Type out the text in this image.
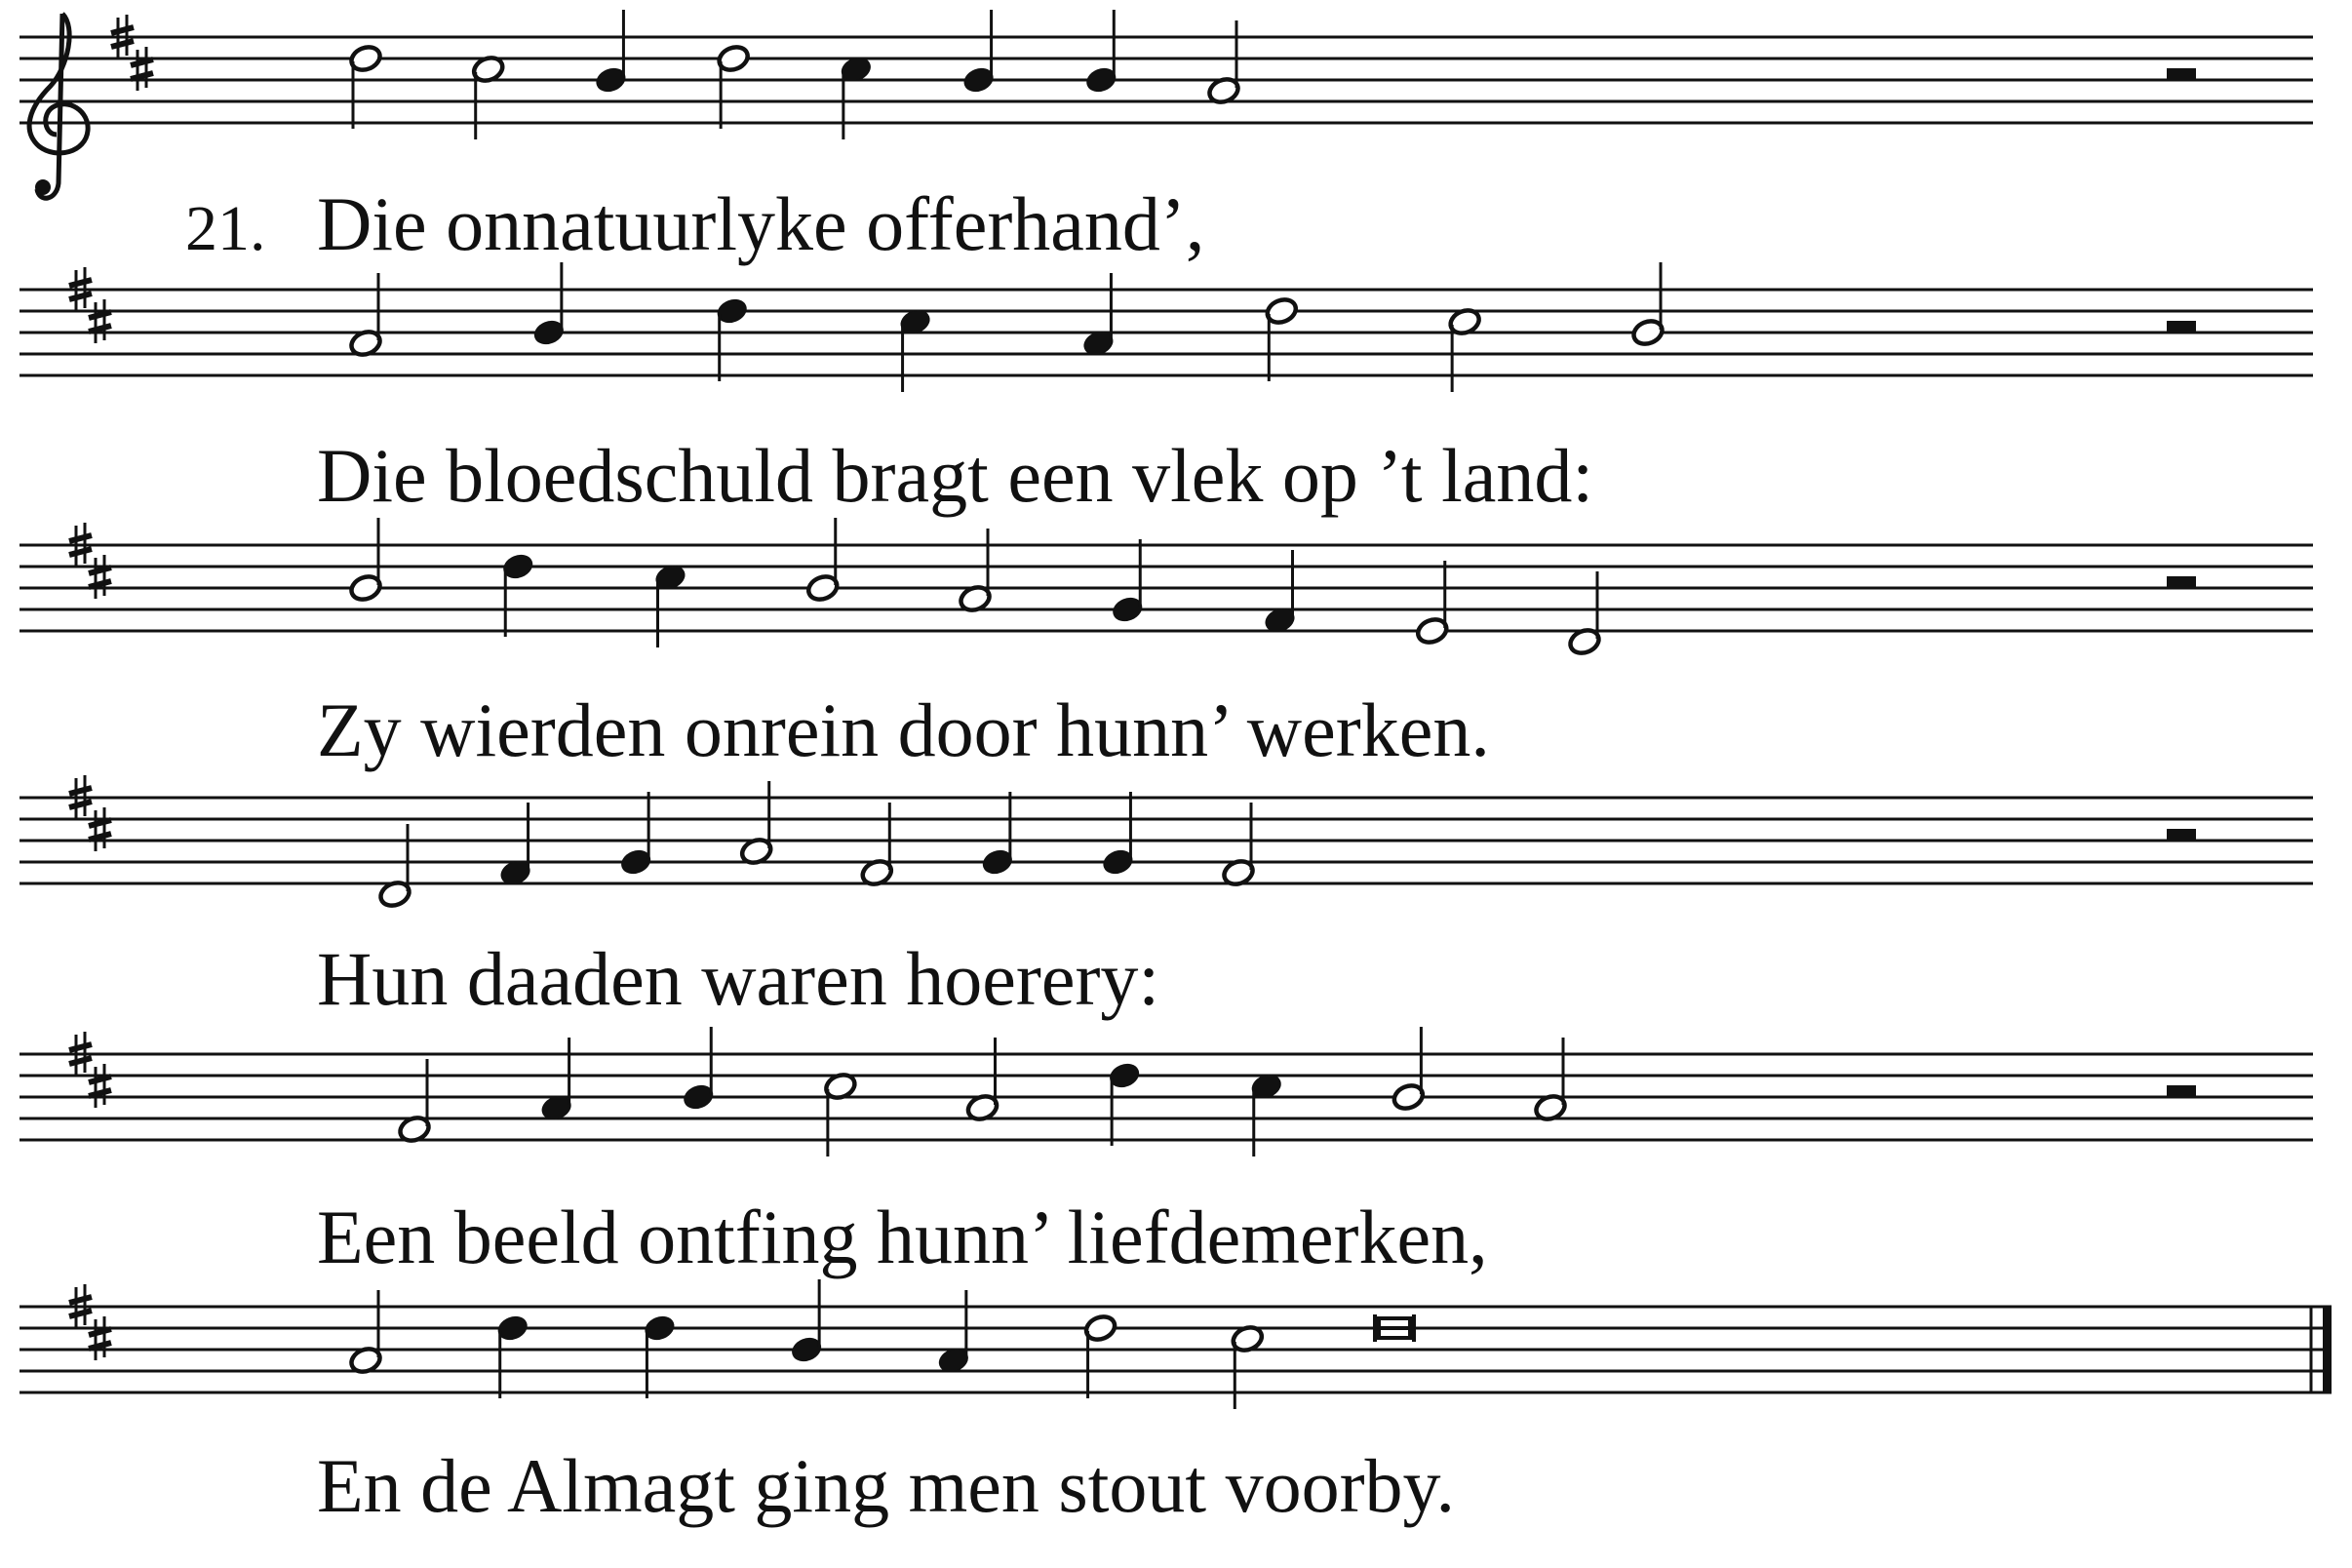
21. Die onnatuurlyke offerhand’,
Die bloedschuld bragt een vlek op ’t land:
Zy wierden onrein door hunn’ werken.
Hun daaden waren hoerery:
Een beeld ontfing hunn’ liefdemerken,
En de Almagt ging men stout voorby.
